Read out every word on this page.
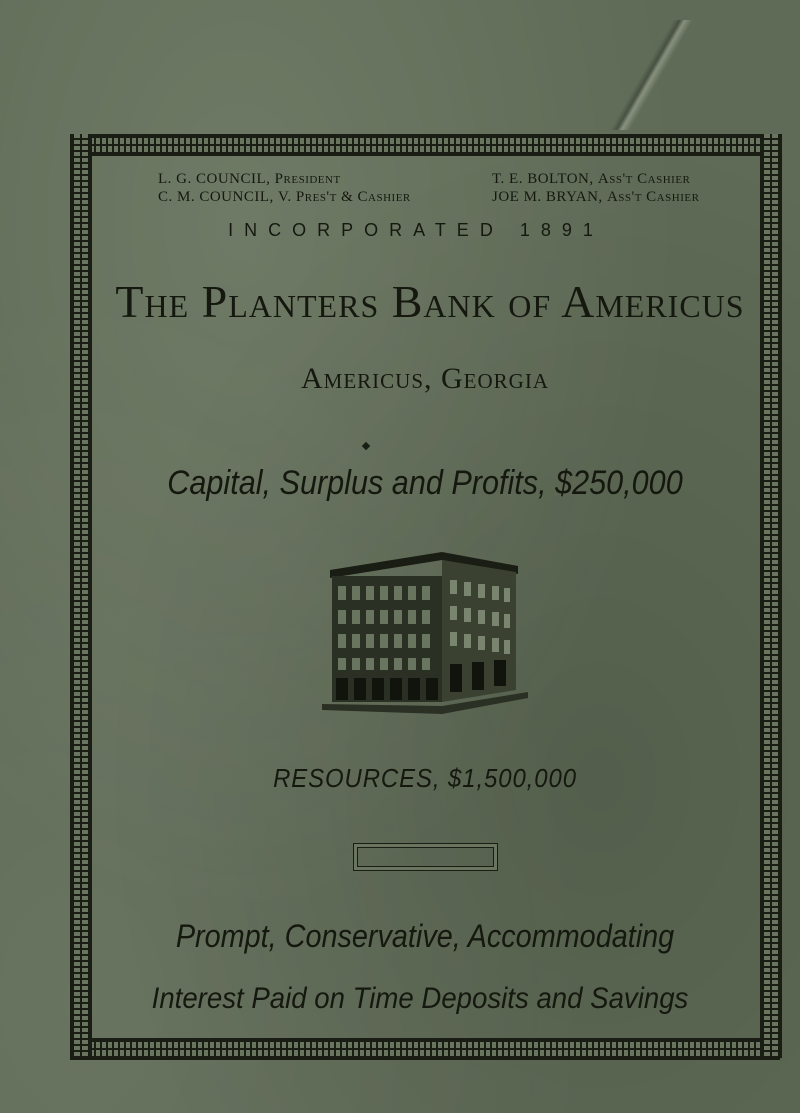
L. G. COUNCIL, President
C. M. COUNCIL, V. Pres't & Cashier
T. E. BOLTON, Ass't Cashier
JOE M. BRYAN, Ass't Cashier
INCORPORATED 1891
The Planters Bank of Americus
Americus, Georgia
Capital, Surplus and Profits, $250,000
RESOURCES, $1,500,000
Prompt, Conservative, Accommodating
Interest Paid on Time Deposits and Savings
